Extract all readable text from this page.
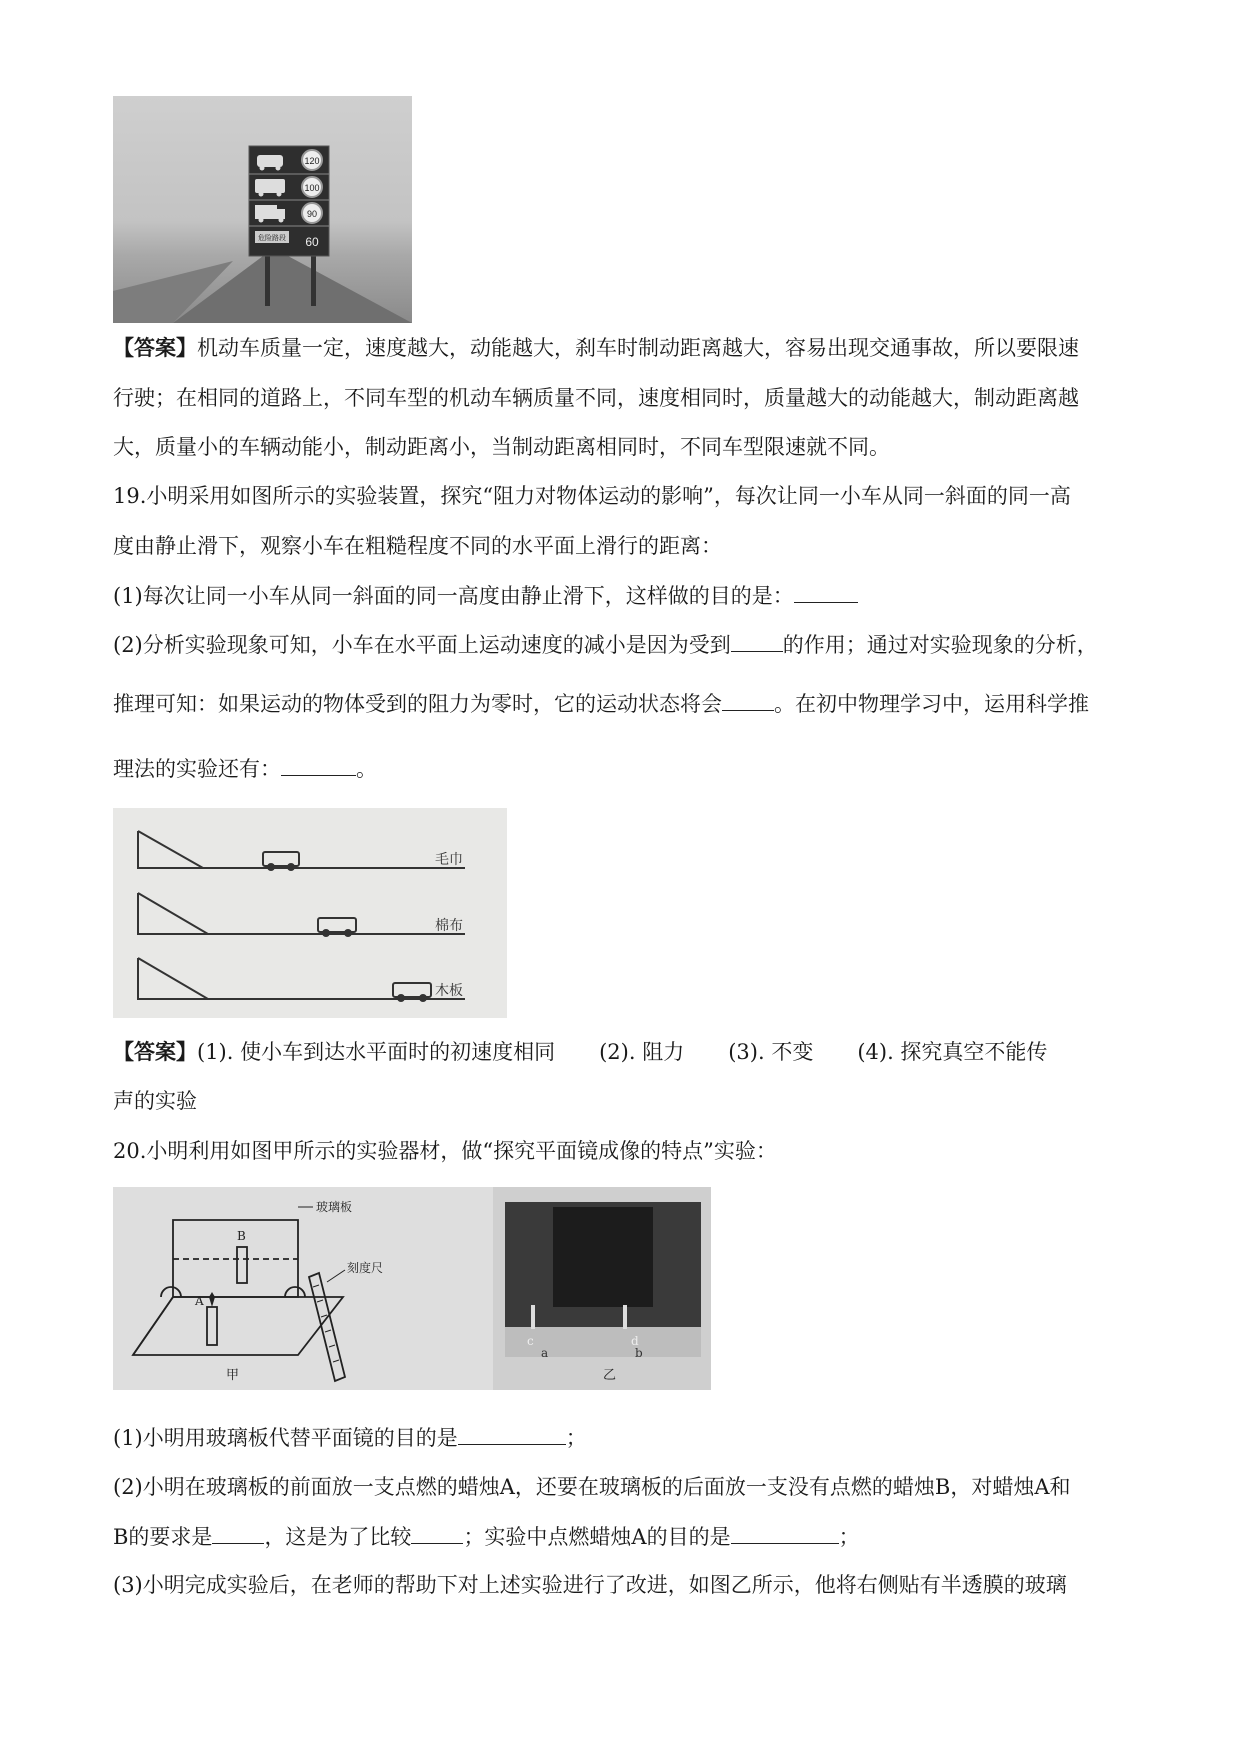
120
100
90
危险路段 60
【答案】机动车质量一定，速度越大，动能越大，刹车时制动距离越大，容易出现交通事故，所以要限速
行驶；在相同的道路上，不同车型的机动车辆质量不同，速度相同时，质量越大的动能越大，制动距离越
大，质量小的车辆动能小，制动距离小，当制动距离相同时，不同车型限速就不同。
19.小明采用如图所示的实验装置，探究“阻力对物体运动的影响”，每次让同一小车从同一斜面的同一高
度由静止滑下，观察小车在粗糙程度不同的水平面上滑行的距离：
(1)每次让同一小车从同一斜面的同一高度由静止滑下，这样做的目的是：
(2)分析实验现象可知，小车在水平面上运动速度的减小是因为受到 的作用；通过对实验现象的分析，
推理可知：如果运动的物体受到的阻力为零时，它的运动状态将会 。在初中物理学习中，运用科学推
理法的实验还有：	。
毛巾
棉布
木板
【答案】(1). 使小车到达水平面时的初速度相同 (2). 阻力 (3). 不变 (4). 探究真空不能传
声的实验
20.小明利用如图甲所示的实验器材，做“探究平面镜成像的特点”实验：
玻璃板
刻度尺
A
B
甲
c	d
a	b
乙
(1)小明用玻璃板代替平面镜的目的是	；
(2)小明在玻璃板的前面放一支点燃的蜡烛A，还要在玻璃板的后面放一支没有点燃的蜡烛B，对蜡烛A和
B的要求是 ，这是为了比较 ；实验中点燃蜡烛A的目的是	；
(3)小明完成实验后，在老师的帮助下对上述实验进行了改进，如图乙所示，他将右侧贴有半透膜的玻璃
